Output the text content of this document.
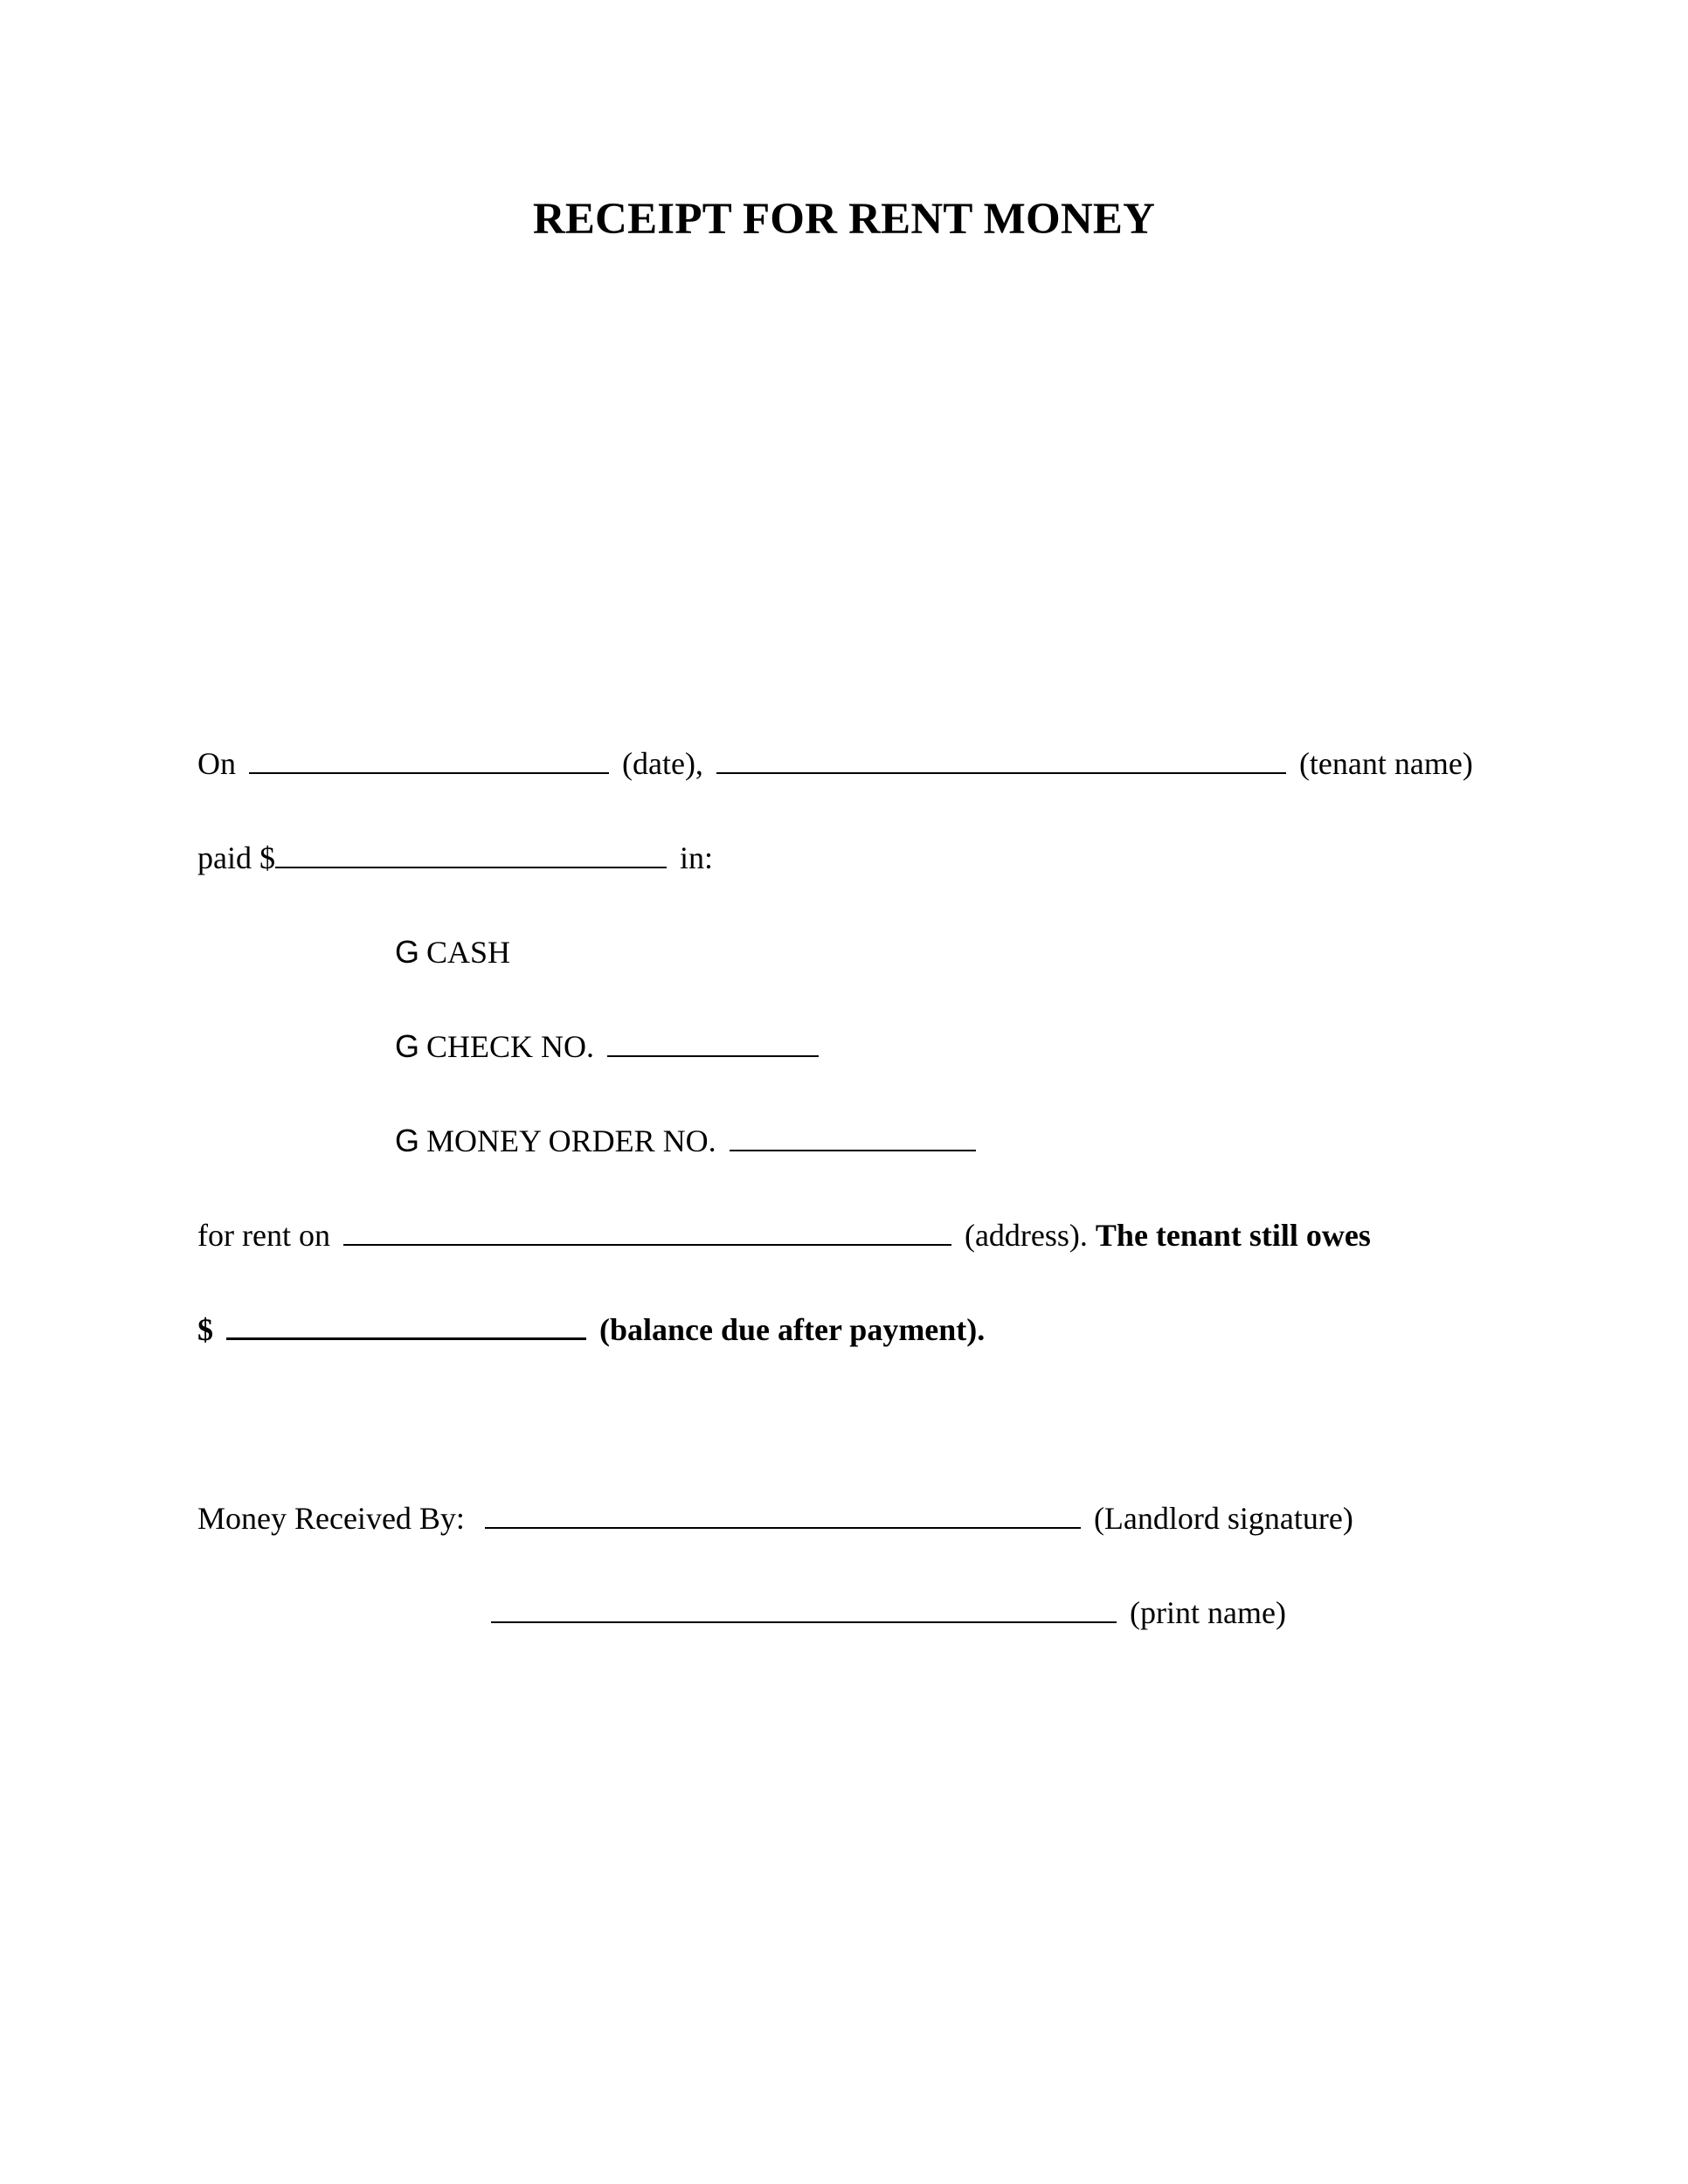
RECEIPT FOR RENT MONEY
On	(date),	(tenant name)
paid $	in:
G CASH
G CHECK NO.
G MONEY ORDER NO.
for rent on	(address). The tenant still owes
$	(balance due after payment).
Money Received By:	(Landlord signature)
(print name)
